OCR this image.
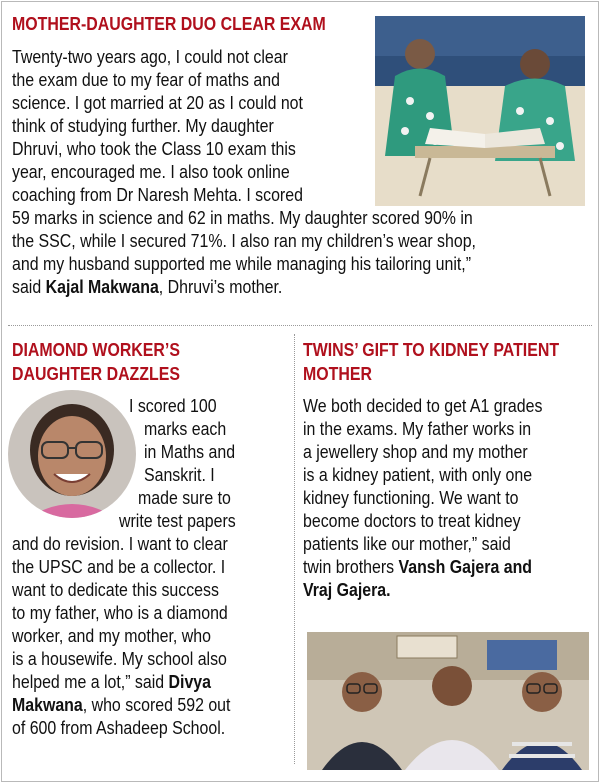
MOTHER-DAUGHTER DUO CLEAR EXAM
Twenty-two years ago, I could not clear
the exam due to my fear of maths and
science. I got married at 20 as I could not
think of studying further. My daughter
Dhruvi, who took the Class 10 exam this
year, encouraged me. I also took online
coaching from Dr Naresh Mehta. I scored
59 marks in science and 62 in maths. My daughter scored 90% in
the SSC, while I secured 71%. I also ran my children’s wear shop,
and my husband supported me while managing his tailoring unit,”
said Kajal Makwana, Dhruvi’s mother.
DIAMOND WORKER’S
DAUGHTER DAZZLES
I scored 100
marks each
in Maths and
Sanskrit. I
made sure to
write test papers
and do revision. I want to clear
the UPSC and be a collector. I
want to dedicate this success
to my father, who is a diamond
worker, and my mother, who
is a housewife. My school also
helped me a lot,” said Divya
Makwana, who scored 592 out
of 600 from Ashadeep School.
TWINS’ GIFT TO KIDNEY PATIENT
MOTHER
We both decided to get A1 grades
in the exams. My father works in
a jewellery shop and my mother
is a kidney patient, with only one
kidney functioning. We want to
become doctors to treat kidney
patients like our mother,” said
twin brothers Vansh Gajera and
Vraj Gajera.
